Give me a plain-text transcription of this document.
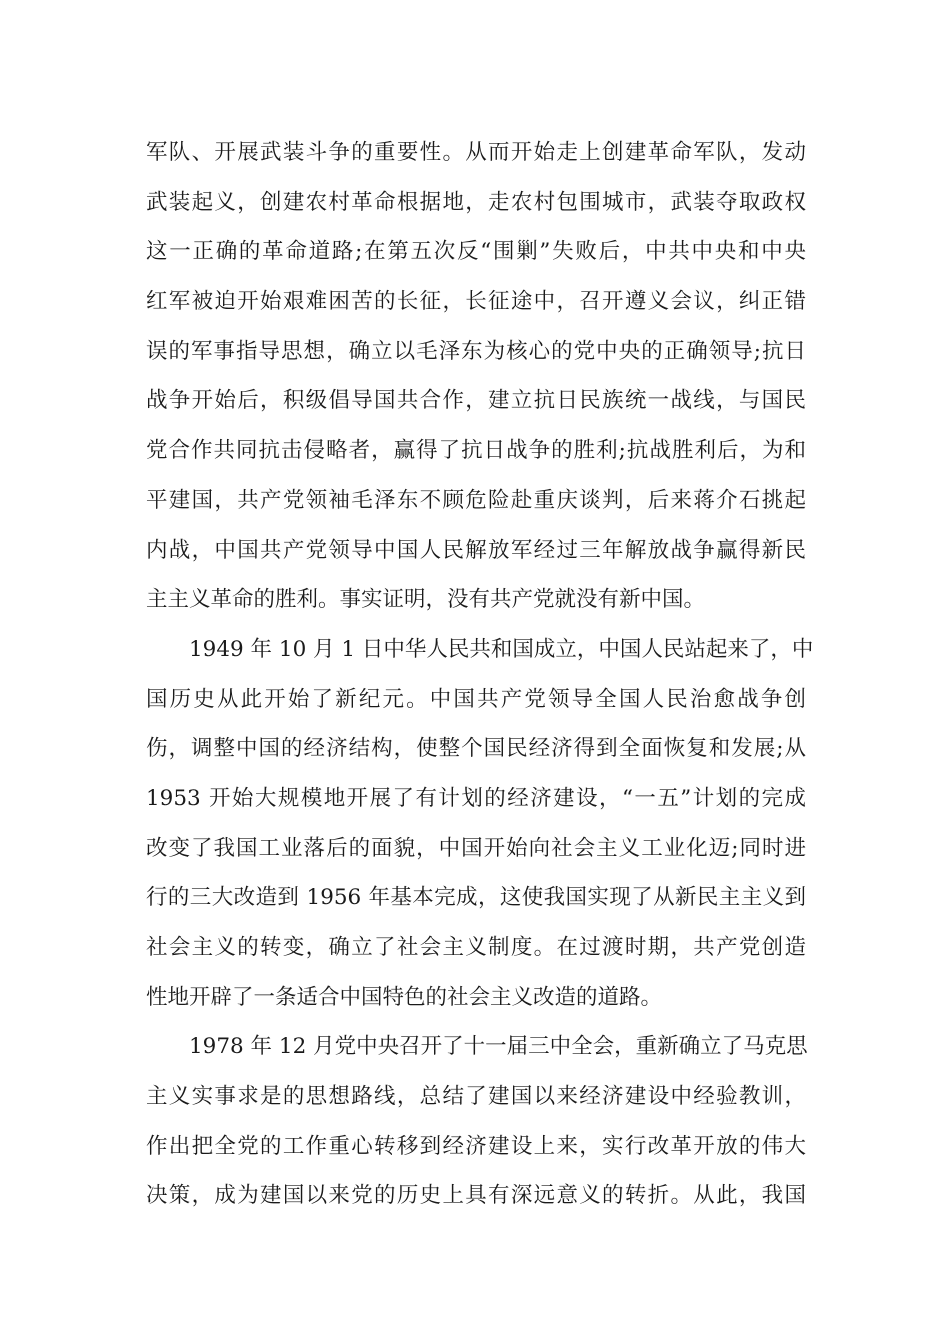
军队、开展武装斗争的重要性。从而开始走上创建革命军队，发动
武装起义，创建农村革命根据地，走农村包围城市，武装夺取政权
这一正确的革命道路;在第五次反“围剿”失败后，中共中央和中央
红军被迫开始艰难困苦的长征，长征途中，召开遵义会议，纠正错
误的军事指导思想，确立以毛泽东为核心的党中央的正确领导;抗日
战争开始后，积级倡导国共合作，建立抗日民族统一战线，与国民
党合作共同抗击侵略者，赢得了抗日战争的胜利;抗战胜利后，为和
平建国，共产党领袖毛泽东不顾危险赴重庆谈判，后来蒋介石挑起
内战，中国共产党领导中国人民解放军经过三年解放战争赢得新民
主主义革命的胜利。事实证明，没有共产党就没有新中国。
1949 年 10 月 1 日中华人民共和国成立，中国人民站起来了，中
国历史从此开始了新纪元。中国共产党领导全国人民治愈战争创
伤，调整中国的经济结构，使整个国民经济得到全面恢复和发展;从
1953 开始大规模地开展了有计划的经济建设，“一五”计划的完成
改变了我国工业落后的面貌，中国开始向社会主义工业化迈;同时进
行的三大改造到 1956 年基本完成，这使我国实现了从新民主主义到
社会主义的转变，确立了社会主义制度。在过渡时期，共产党创造
性地开辟了一条适合中国特色的社会主义改造的道路。
1978 年 12 月党中央召开了十一届三中全会，重新确立了马克思
主义实事求是的思想路线，总结了建国以来经济建设中经验教训，
作出把全党的工作重心转移到经济建设上来，实行改革开放的伟大
决策，成为建国以来党的历史上具有深远意义的转折。从此，我国
